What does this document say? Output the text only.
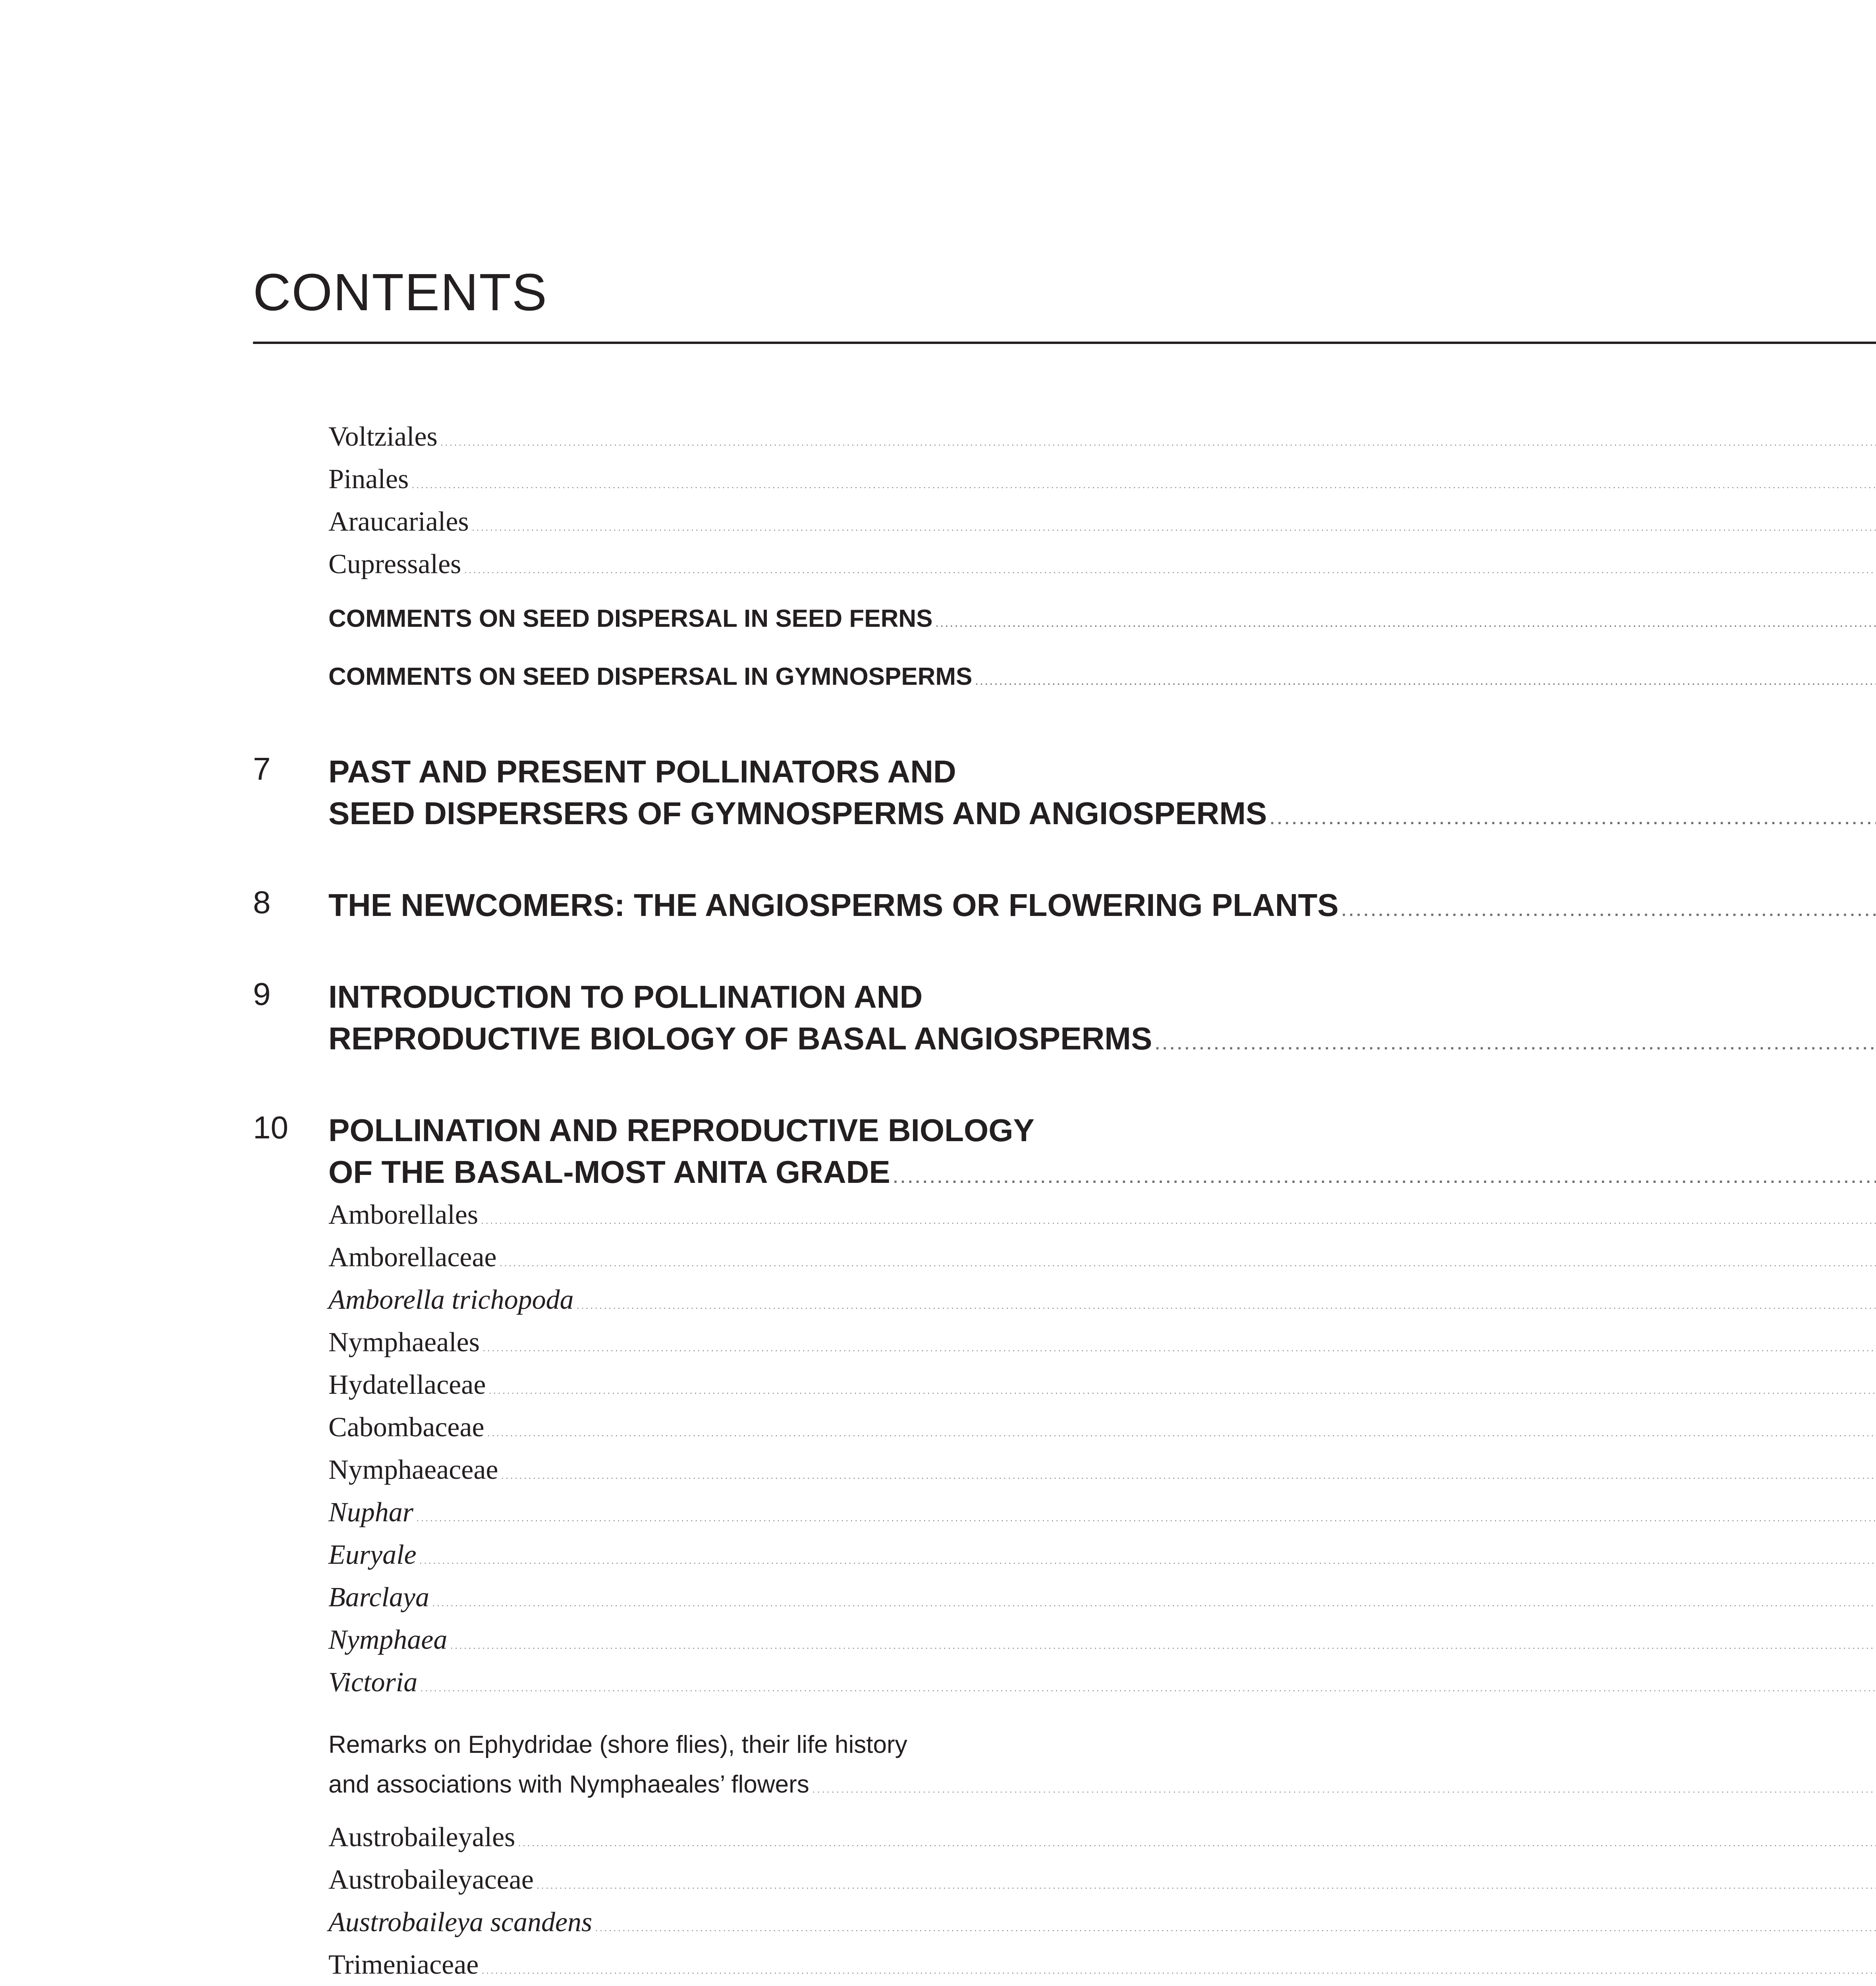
CONTENTS
Voltziales
.....
Pinales
.....
Araucariales
.....
Cupressales
.....
COMMENTS ON SEED DISPERSAL IN SEED FERNS
.....
COMMENTS ON SEED DISPERSAL IN GYMNOSPERMS
.....
7 PAST AND PRESENT POLLINATORS AND
SEED DISPERSERS OF GYMNOSPERMS AND ANGIOSPERMS
.....
8 THE NEWCOMERS: THE ANGIOSPERMS OR FLOWERING PLANTS
.....
9 INTRODUCTION TO POLLINATION AND
REPRODUCTIVE BIOLOGY OF BASAL ANGIOSPERMS
.....
10 POLLINATION AND REPRODUCTIVE BIOLOGY
OF THE BASAL-MOST ANITA GRADE
.....
Amborellales
.....
Amborellaceae
.....
Amborella trichopoda
.....
Nymphaeales
.....
Hydatellaceae
.....
Cabombaceae
.....
Nymphaeaceae
.....
Nuphar
.....
Euryale
.....
Barclaya
.....
Nymphaea
.....
Victoria
.....
Remarks on Ephydridae (shore flies), their life history
and associations with Nymphaeales’ flowers
.....
Austrobaileyales
.....
Austrobaileyaceae
.....
Austrobaileya scandens
.....
Trimeniaceae
.....
